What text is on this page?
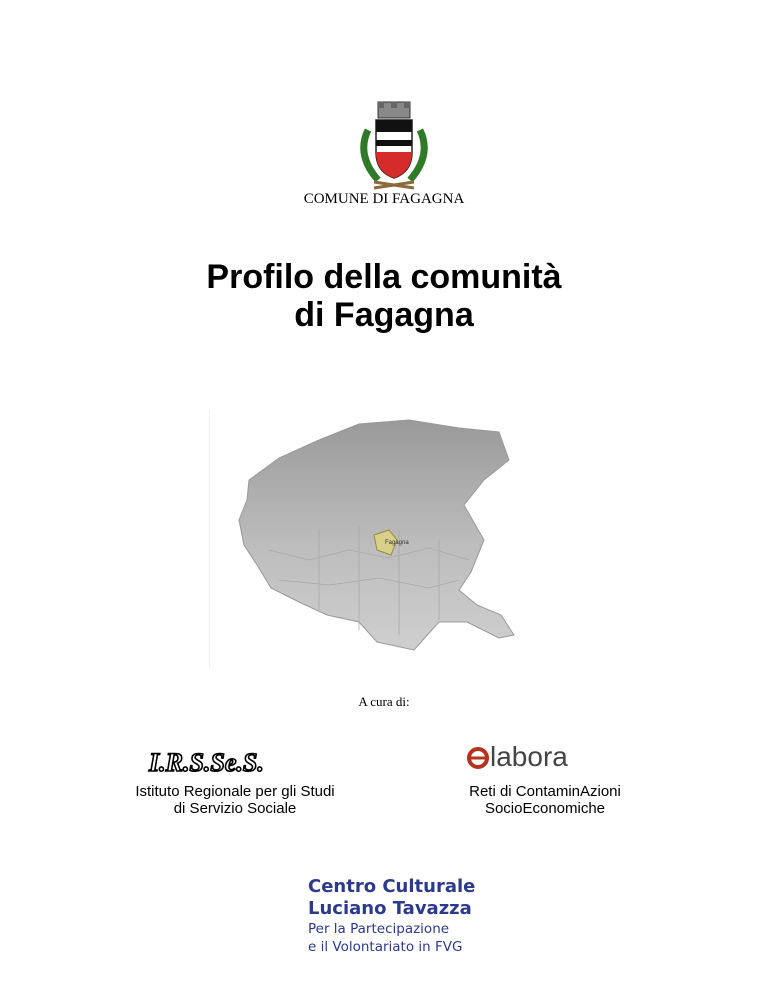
COMUNE DI FAGAGNA
Profilo della comunità
di Fagagna
Fagagna
A cura di:
I.R.S.Se.S.
Istituto Regionale per gli Studi
di Servizio Sociale
labora
Reti di ContaminAzioni
SocioEconomiche
Centro Culturale
Luciano Tavazza
Per la Partecipazione
e il Volontariato in FVG
